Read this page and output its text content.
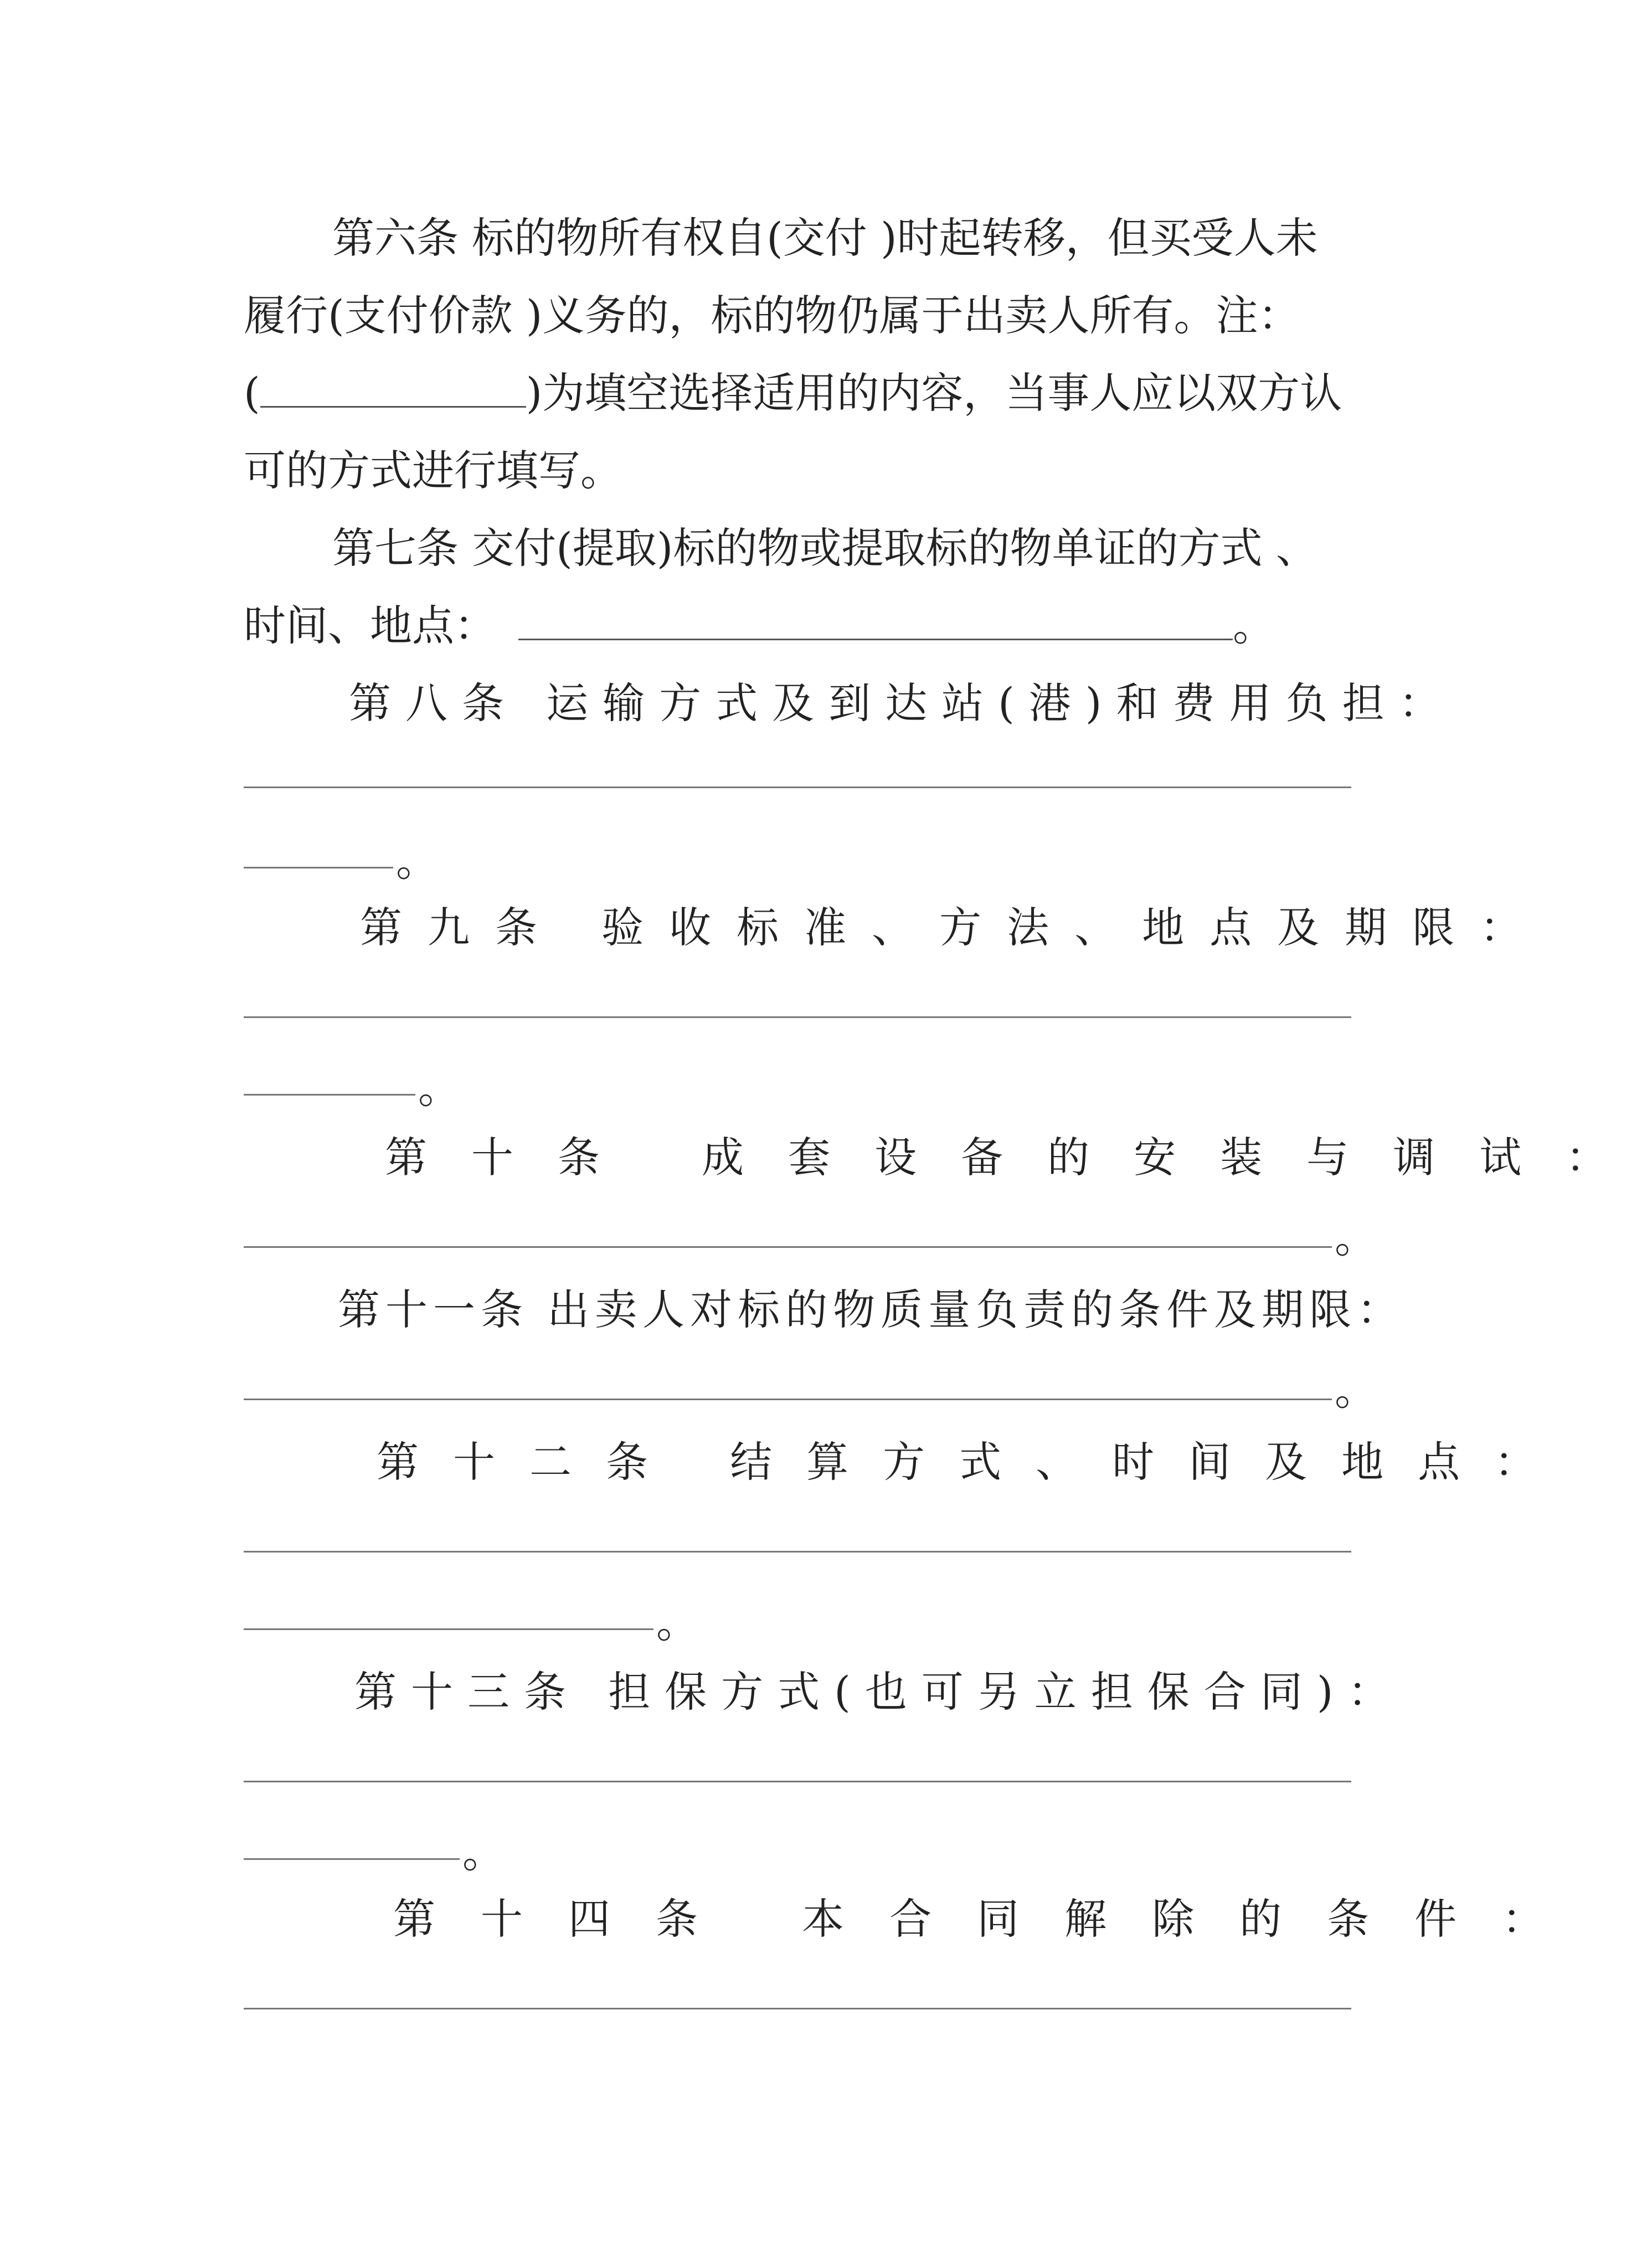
第六条 标的物所有权自(交付 )时起转移，但买受人未
履行(支付价款 )义务的，标的物仍属于出卖人所有。注：
(	)为填空选择适用的内容，当事人应以双方认
可的方式进行填写。
第七条 交付(提取)标的物或提取标的物单证的方式 、
时间、地点：	。
第八条 运输方式及到达站(港)和费用负担：
。
第九条 验收标准、方法、地点及期限：
。
第十条 成套设备的安装与调试：
。
第十一条 出卖人对标的物质量负责的条件及期限：
。
第十二条 结算方式、时间及地点：
。
第十三条 担保方式(也可另立担保合同)：
。
第十四条 本合同解除的条件：
